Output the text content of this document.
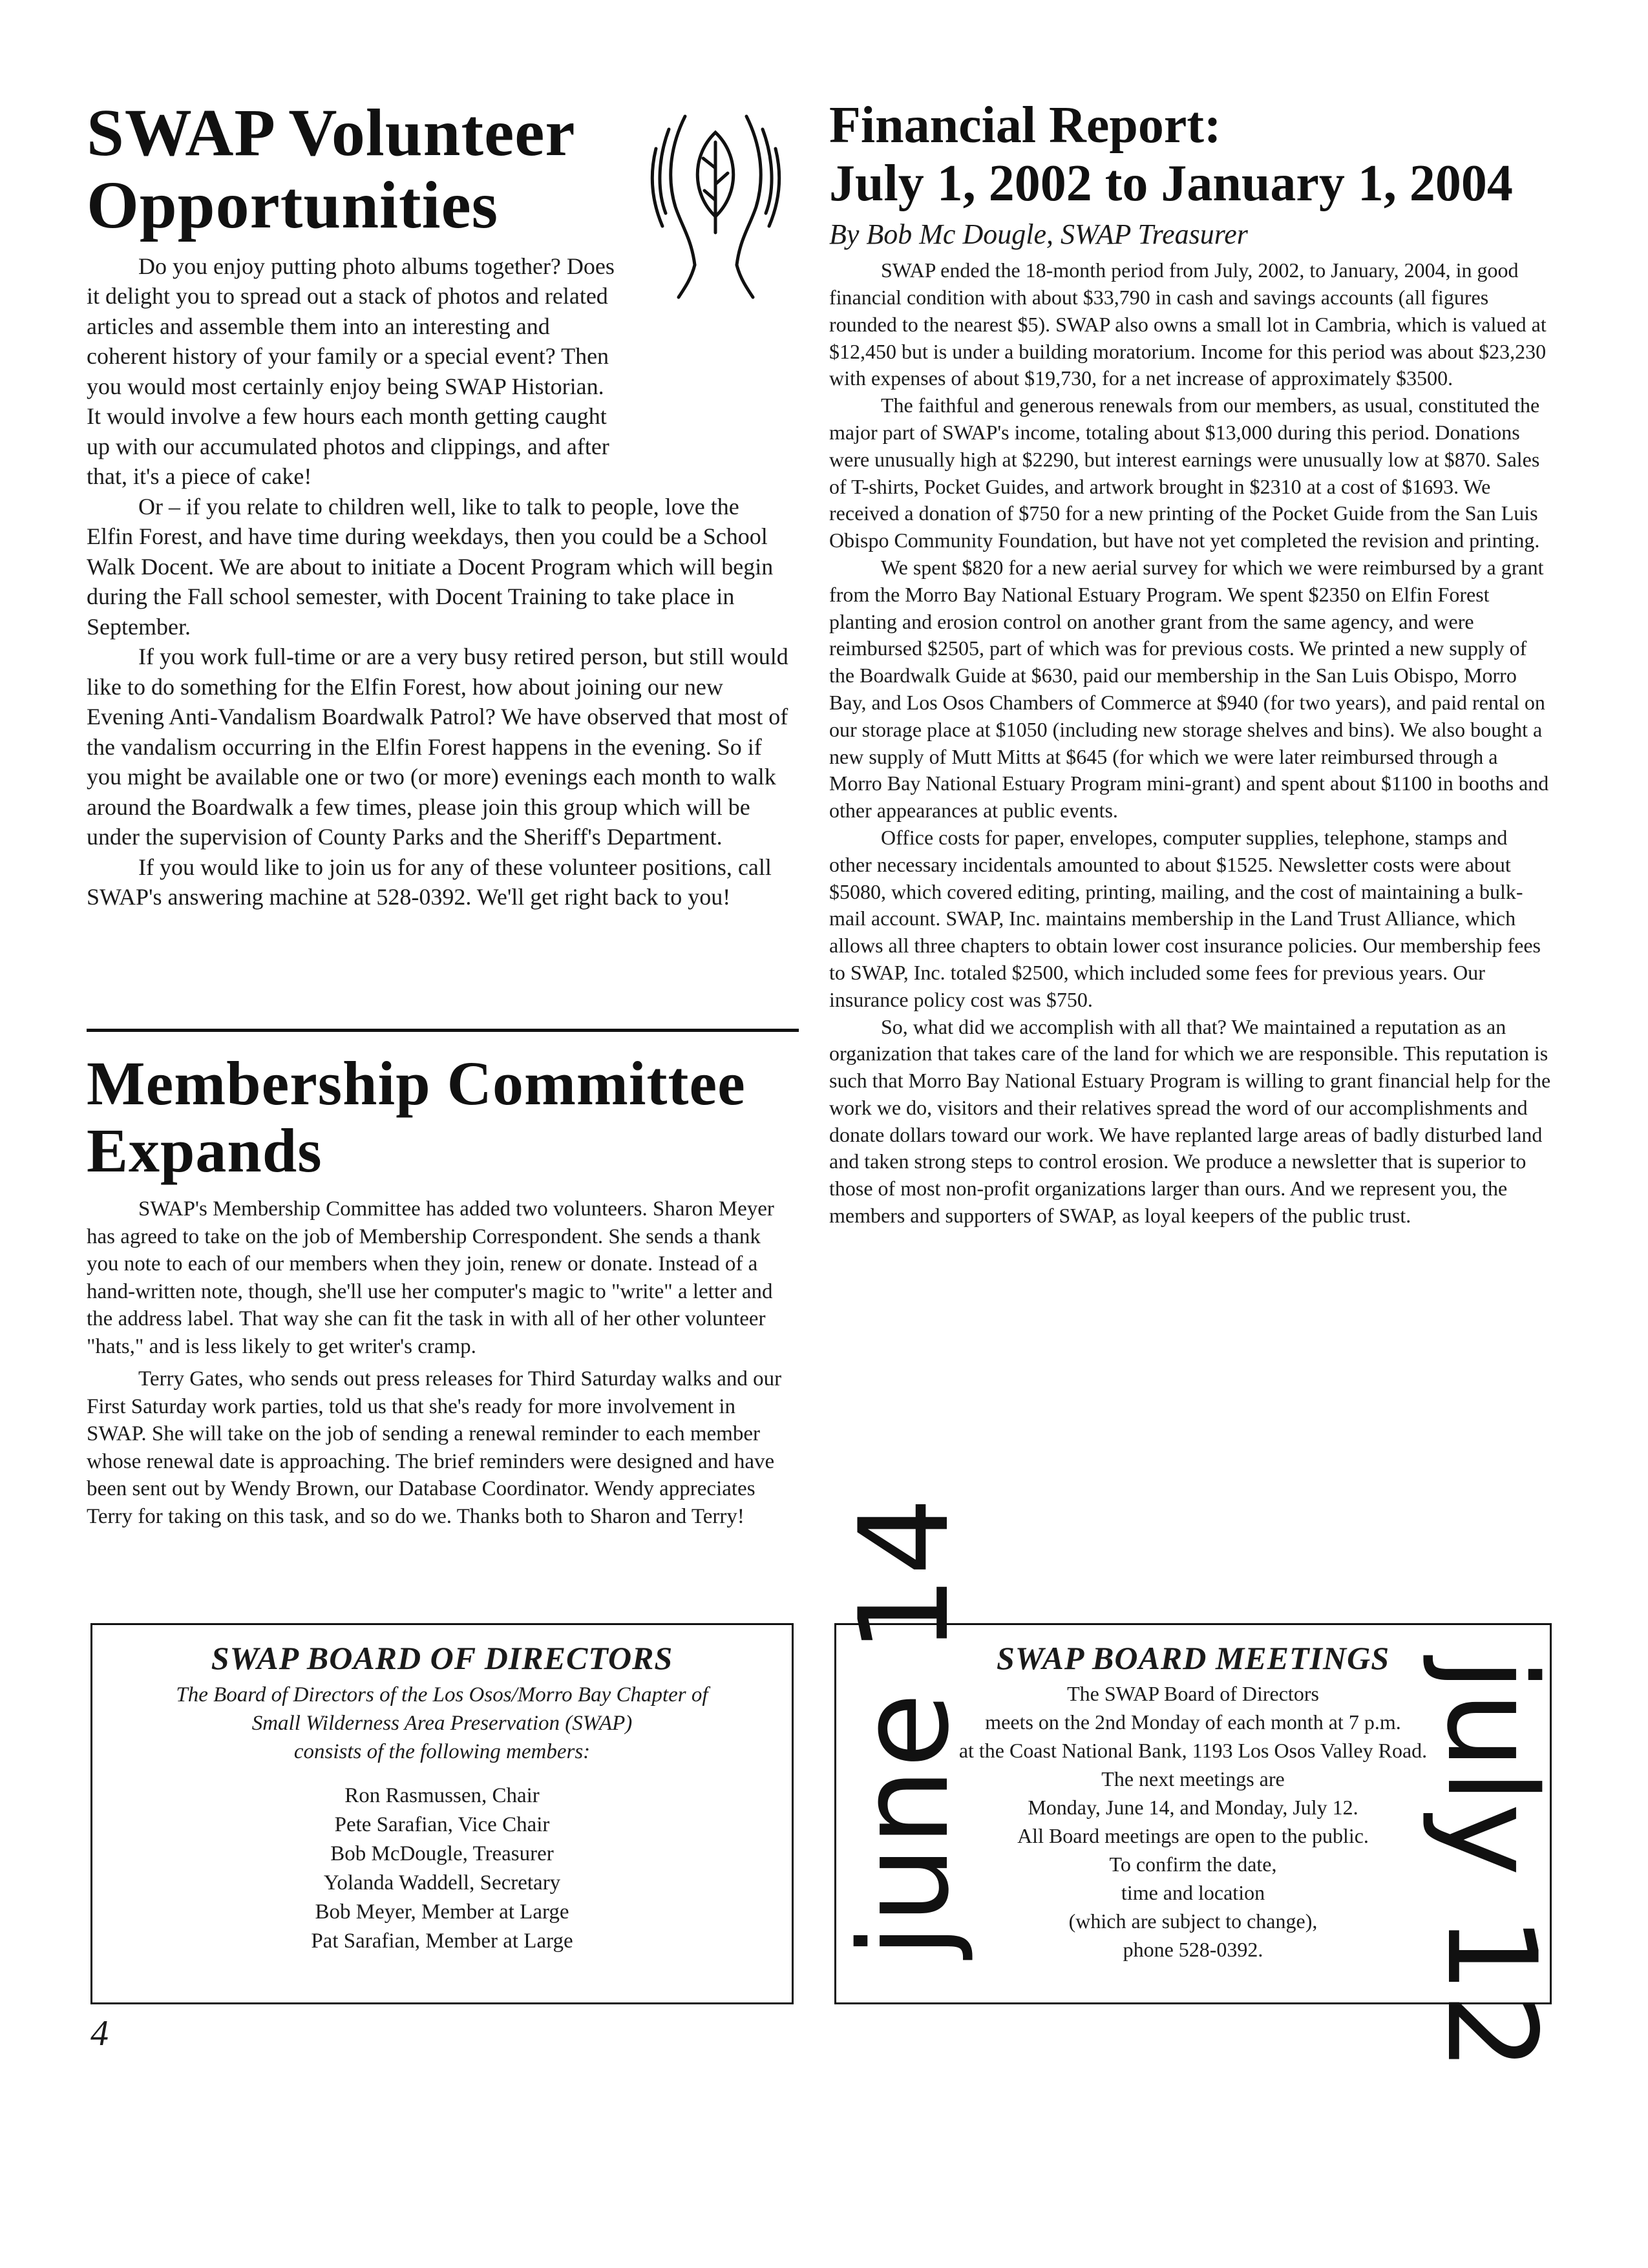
SWAP Volunteer
Opportunities

Do you enjoy putting photo albums together? Does it delight you to spread out a stack of photos and related articles and assemble them into an interesting and coherent history of your family or a special event? Then you would most certainly enjoy being SWAP Historian. It would involve a few hours each month getting caught up with our accumulated photos and clippings, and after that, it's a piece of cake!

Or – if you relate to children well, like to talk to people, love the Elfin Forest, and have time during weekdays, then you could be a School Walk Docent. We are about to initiate a Docent Program which will begin during the Fall school semester, with Docent Training to take place in September.

If you work full-time or are a very busy retired person, but still would like to do something for the Elfin Forest, how about joining our new Evening Anti-Vandalism Boardwalk Patrol? We have observed that most of the vandalism occurring in the Elfin Forest happens in the evening. So if you might be available one or two (or more) evenings each month to walk around the Boardwalk a few times, please join this group which will be under the supervision of County Parks and the Sheriff's Department.

If you would like to join us for any of these volunteer positions, call SWAP's answering machine at 528-0392. We'll get right back to you!

Membership Committee
Expands

SWAP's Membership Committee has added two volunteers. Sharon Meyer has agreed to take on the job of Membership Correspondent. She sends a thank you note to each of our members when they join, renew or donate. Instead of a hand-written note, though, she'll use her computer's magic to "write" a letter and the address label. That way she can fit the task in with all of her other volunteer "hats," and is less likely to get writer's cramp.

Terry Gates, who sends out press releases for Third Saturday walks and our First Saturday work parties, told us that she's ready for more involvement in SWAP. She will take on the job of sending a renewal reminder to each member whose renewal date is approaching. The brief reminders were designed and have been sent out by Wendy Brown, our Database Coordinator. Wendy appreciates Terry for taking on this task, and so do we. Thanks both to Sharon and Terry!

Financial Report:
July 1, 2002 to January 1, 2004
By Bob Mc Dougle, SWAP Treasurer

SWAP ended the 18-month period from July, 2002, to January, 2004, in good financial condition with about $33,790 in cash and savings accounts (all figures rounded to the nearest $5). SWAP also owns a small lot in Cambria, which is valued at $12,450 but is under a building moratorium. Income for this period was about $23,230 with expenses of about $19,730, for a net increase of approximately $3500.

The faithful and generous renewals from our members, as usual, constituted the major part of SWAP's income, totaling about $13,000 during this period. Donations were unusually high at $2290, but interest earnings were unusually low at $870. Sales of T-shirts, Pocket Guides, and artwork brought in $2310 at a cost of $1693. We received a donation of $750 for a new printing of the Pocket Guide from the San Luis Obispo Community Foundation, but have not yet completed the revision and printing.

We spent $820 for a new aerial survey for which we were reimbursed by a grant from the Morro Bay National Estuary Program. We spent $2350 on Elfin Forest planting and erosion control on another grant from the same agency, and were reimbursed $2505, part of which was for previous costs. We printed a new supply of the Boardwalk Guide at $630, paid our membership in the San Luis Obispo, Morro Bay, and Los Osos Chambers of Commerce at $940 (for two years), and paid rental on our storage place at $1050 (including new storage shelves and bins). We also bought a new supply of Mutt Mitts at $645 (for which we were later reimbursed through a Morro Bay National Estuary Program mini-grant) and spent about $1100 in booths and other appearances at public events.

Office costs for paper, envelopes, computer supplies, telephone, stamps and other necessary incidentals amounted to about $1525. Newsletter costs were about $5080, which covered editing, printing, mailing, and the cost of maintaining a bulk-mail account. SWAP, Inc. maintains membership in the Land Trust Alliance, which allows all three chapters to obtain lower cost insurance policies. Our membership fees to SWAP, Inc. totaled $2500, which included some fees for previous years. Our insurance policy cost was $750.

So, what did we accomplish with all that? We maintained a reputation as an organization that takes care of the land for which we are responsible. This reputation is such that Morro Bay National Estuary Program is willing to grant financial help for the work we do, visitors and their relatives spread the word of our accomplishments and donate dollars toward our work. We have replanted large areas of badly disturbed land and taken strong steps to control erosion. We produce a newsletter that is superior to those of most non-profit organizations larger than ours. And we represent you, the members and supporters of SWAP, as loyal keepers of the public trust.

SWAP BOARD OF DIRECTORS
The Board of Directors of the Los Osos/Morro Bay Chapter of
Small Wilderness Area Preservation (SWAP)
consists of the following members:
Ron Rasmussen, Chair
Pete Sarafian, Vice Chair
Bob McDougle, Treasurer
Yolanda Waddell, Secretary
Bob Meyer, Member at Large
Pat Sarafian, Member at Large
SWAP BOARD MEETINGS
The SWAP Board of Directors
meets on the 2nd Monday of each month at 7 p.m.
at the Coast National Bank, 1193 Los Osos Valley Road.
The next meetings are
Monday, June 14, and Monday, July 12.
All Board meetings are open to the public.
To confirm the date,
time and location
(which are subject to change),
phone 528-0392.
june 14	july 12
4
